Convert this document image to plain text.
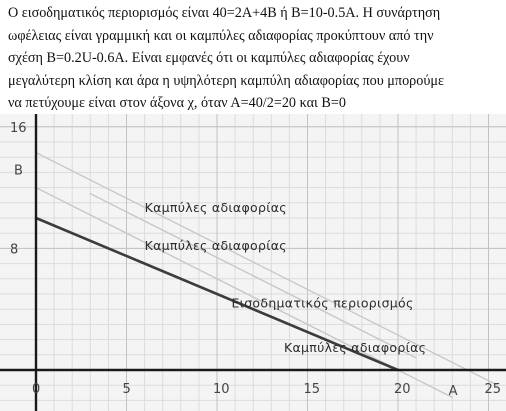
Ο εισοδηματικός περιορισμός είναι 40=2Α+4Β ή Β=10-0.5Α. Η συνάρτηση
ωφέλειας είναι γραμμική και οι καμπύλες αδιαφορίας προκύπτουν από την
σχέση Β=0.2U-0.6A. Είναι εμφανές ότι οι καμπύλες αδιαφορίας έχουν
μεγαλύτερη κλίση και άρα η υψηλότερη καμπύλη αδιαφορίας που μπορούμε
να πετύχουμε είναι στον άξονα χ, όταν Α=40/2=20 και Β=0

0	5	10	15	20	25
8
16
A
B
Καμπύλες αδιαφορίας
Καμπύλες αδιαφορίας
Εισοδηματικός περιορισμός
Καμπύλες αδιαφορίας
